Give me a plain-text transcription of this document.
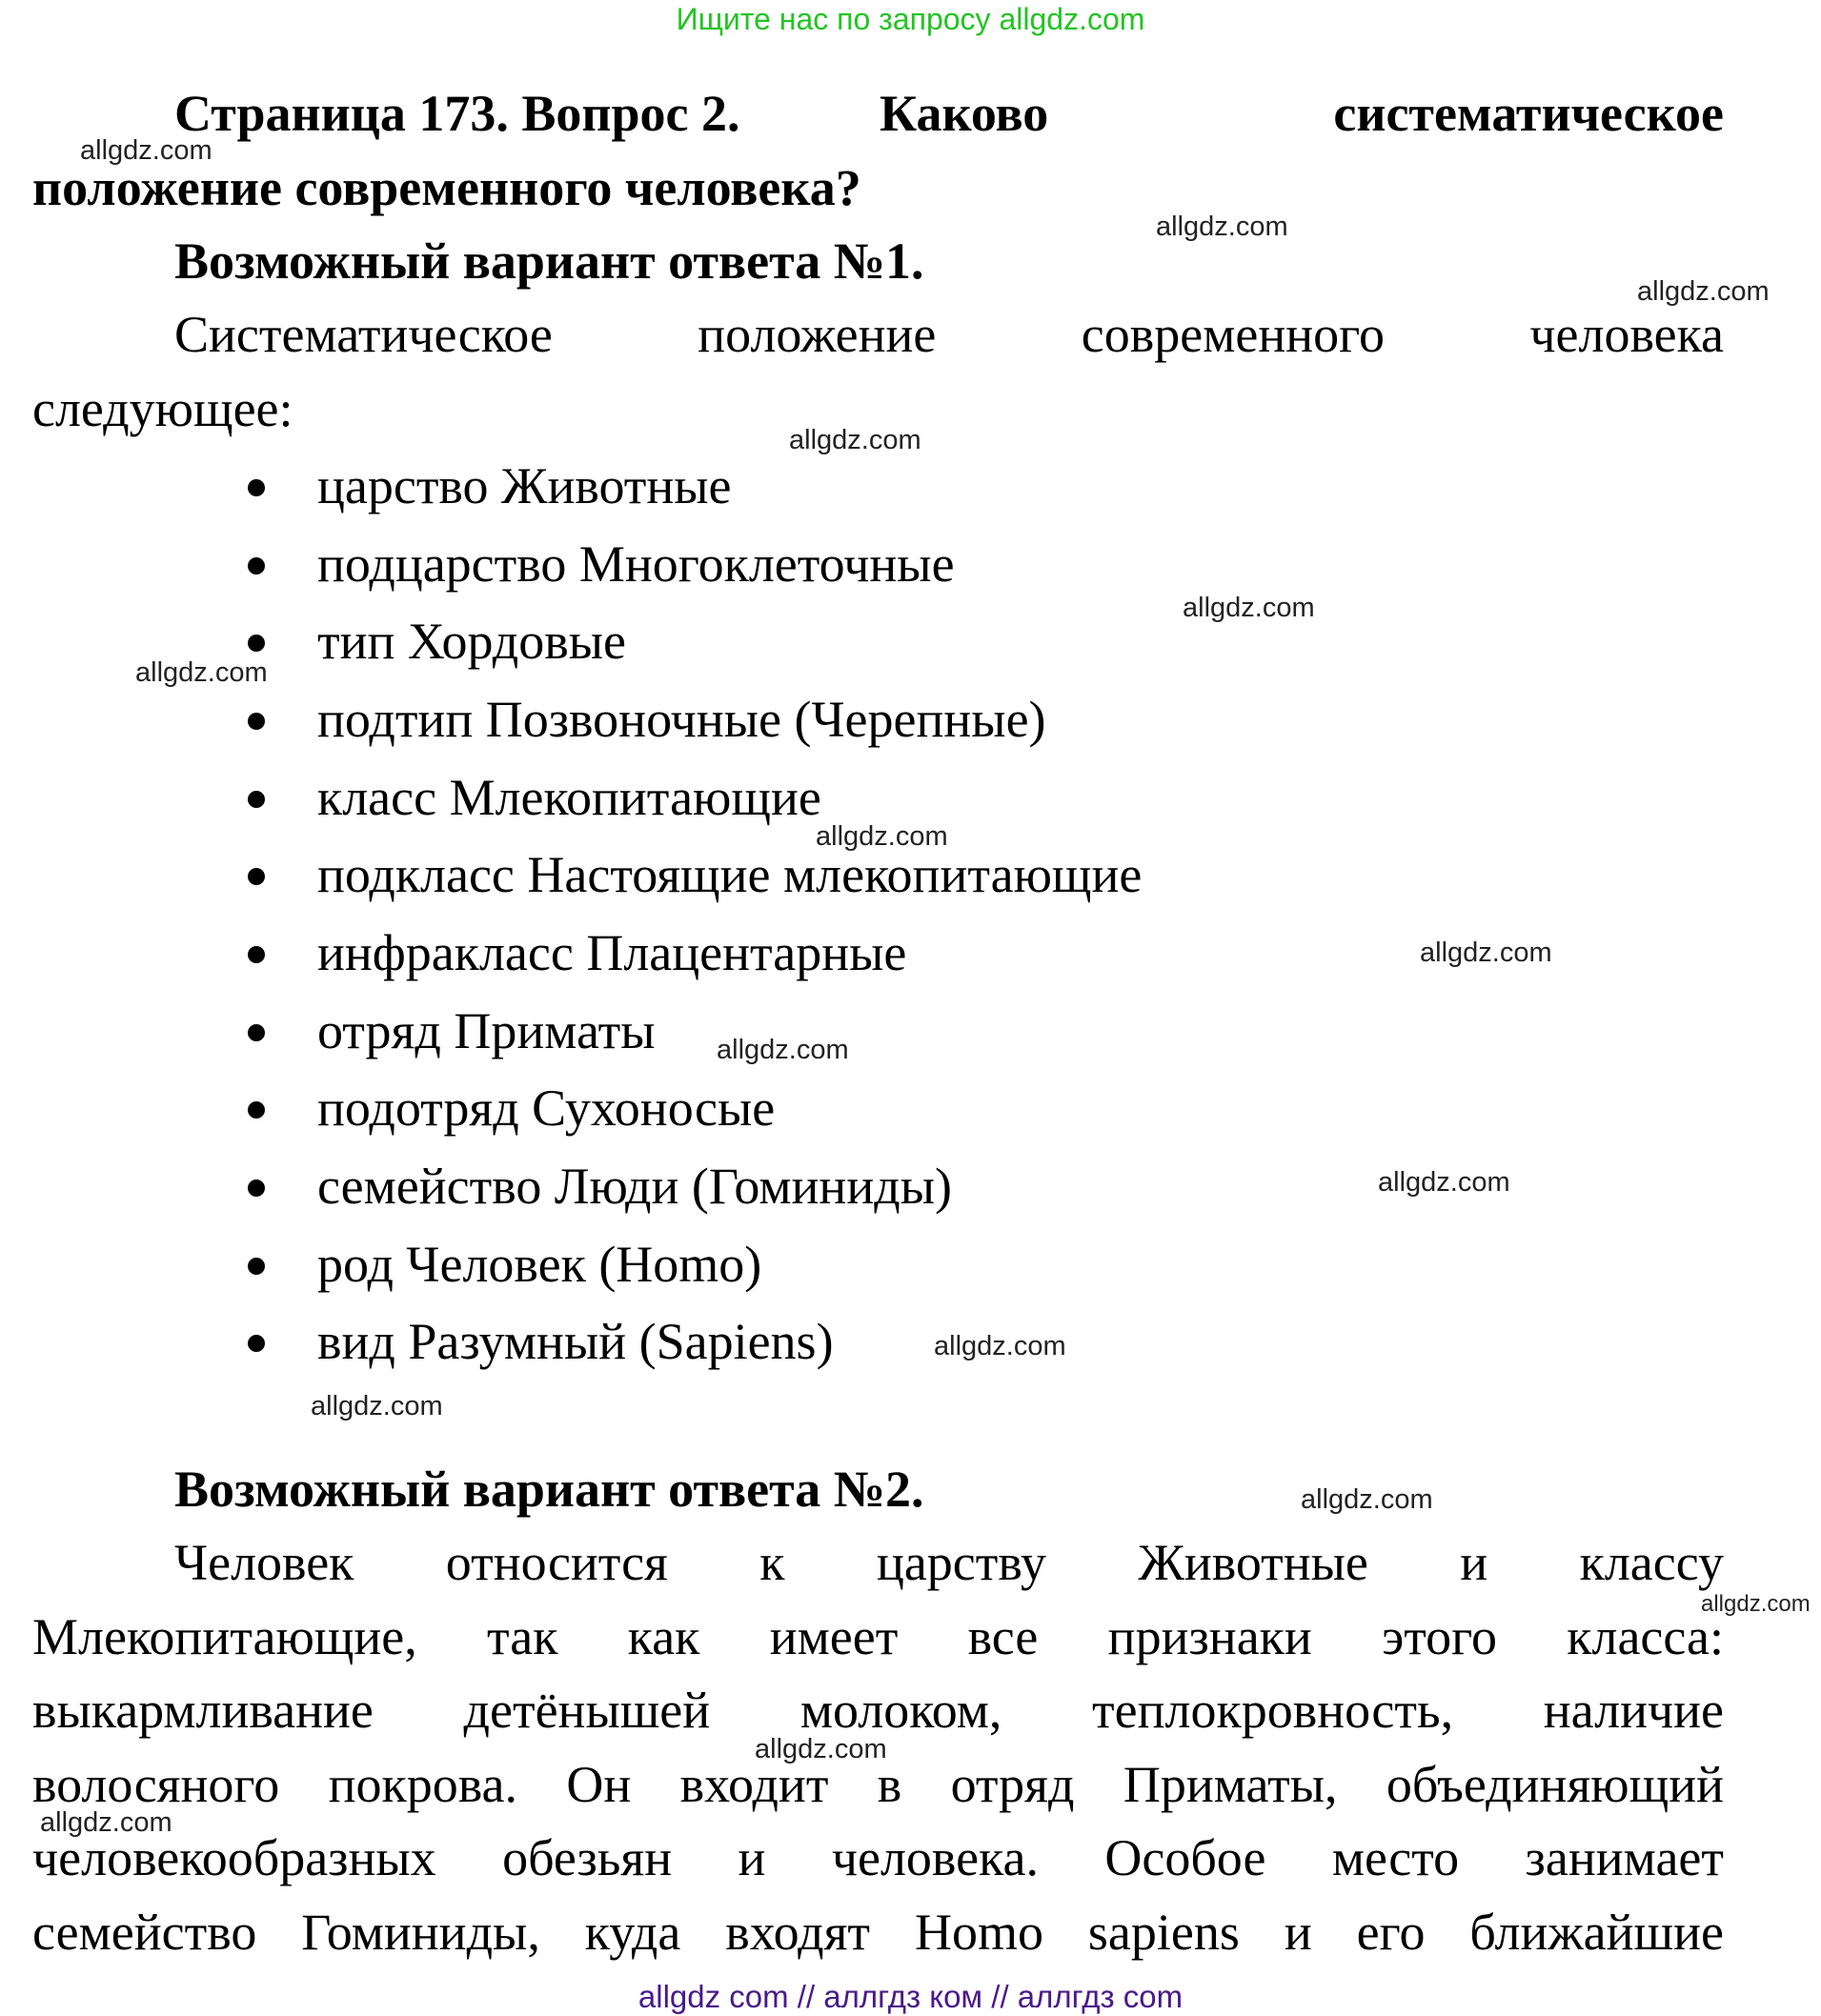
Ищите нас по запросу allgdz.com
Страница 173. Вопрос 2.	Каково	систематическое
положение современного человека?
Возможный вариант ответа №1.
Систематическое положение современного человека
следующее:
царство Животные
подцарство Многоклеточные
тип Хордовые
подтип Позвоночные (Черепные)
класс Млекопитающие
подкласс Настоящие млекопитающие
инфракласс Плацентарные
отряд Приматы
подотряд Сухоносые
семейство Люди (Гоминиды)
род Человек (Homo)
вид Разумный (Sapiens)
Возможный вариант ответа №2.
Человек относится к царству Животные и классу
Млекопитающие, так как имеет все признаки этого класса:
выкармливание детёнышей молоком, теплокровность, наличие
волосяного покрова. Он входит в отряд Приматы, объединяющий
человекообразных обезьян и человека. Особое место занимает
семейство Гоминиды, куда входят Homo sapiens и его ближайшие
allgdz.com
allgdz.com
allgdz.com
allgdz.com
allgdz.com
allgdz.com
allgdz.com
allgdz.com
allgdz.com
allgdz.com
allgdz.com
allgdz.com
allgdz.com
allgdz.com
allgdz.com
allgdz.com
allgdz com // аллгдз ком // аллгдз com
